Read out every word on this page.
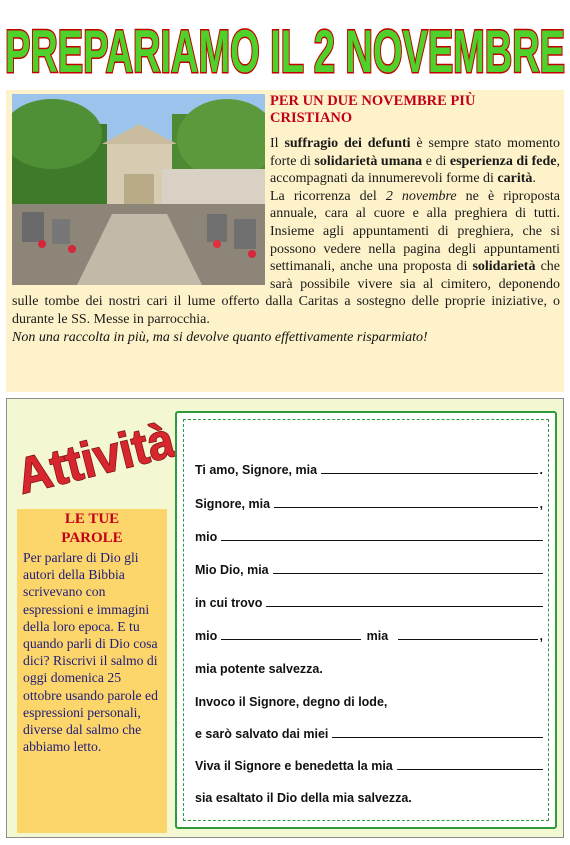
PREPARIAMO IL 2 NOVEMBRE
PER UN DUE NOVEMBRE PIÙ CRISTIANO

Il suffragio dei defunti è sempre stato momento forte di solidarietà umana e di esperienza di fede, accompagnati da innumerevoli forme di carità.

La ricorrenza del 2 novembre ne è riproposta annuale, cara al cuore e alla preghiera di tutti. Insieme agli appuntamenti di preghiera, che si possono vedere nella pagina degli appuntamenti settimanali, anche una proposta di solidarietà che sarà possibile vivere sia al cimitero, deponendo sulle tombe dei nostri cari il lume offerto dalla Caritas a sostegno delle proprie iniziative, o durante le SS. Messe in parrocchia.

Non una raccolta in più, ma si devolve quanto effettivamente risparmiato!

Attività
LE TUE
PAROLE

Per parlare di Dio gli autori della Bibbia scrivevano con espressioni e immagini della loro epoca. E tu quando parli di Dio cosa dici? Riscrivi il salmo di oggi domenica 25 ottobre usando parole ed espressioni personali, diverse dal salmo che abbiamo letto.

Ti amo, Signore, mia	.
Signore, mia	,
mio
Mio Dio, mia
in cui trovo
mio	mia	,
mia potente salvezza.
Invoco il Signore, degno di lode,
e sarò salvato dai miei
Viva il Signore e benedetta la mia
sia esaltato il Dio della mia salvezza.
